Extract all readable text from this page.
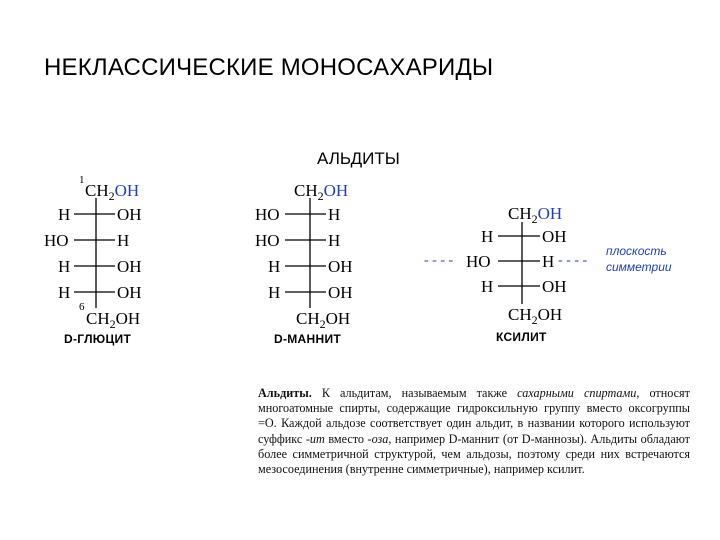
НЕКЛАССИЧЕСКИЕ МОНОСАХАРИДЫ
АЛЬДИТЫ
1
$CH_2OH$
H	OH
HO	H
H	OH
H	OH
6
$CH_2OH$
D-ГЛЮЦИТ
$CH_2OH$
HO	H
HO	H
H	OH
H	OH
$CH_2OH$
D-МАННИТ
$CH_2OH$
H	OH
HO	H
H	OH
$CH_2OH$
- - - -	- - - -
КСИЛИТ
плоскость
симметрии
Альдиты. К альдитам, называемым также сахарными спиртами, относят многоатомные спирты, содержащие гидроксильную группу вместо оксогруппы =О. Каждой альдозе соответствует один альдит, в названии которого используют суффикс -ит вместо -оза, например D-маннит (от D-маннозы). Альдиты обладают более симметричной структурой, чем альдозы, поэтому среди них встречаются мезосоединения (внутренне симметричные), например ксилит.
